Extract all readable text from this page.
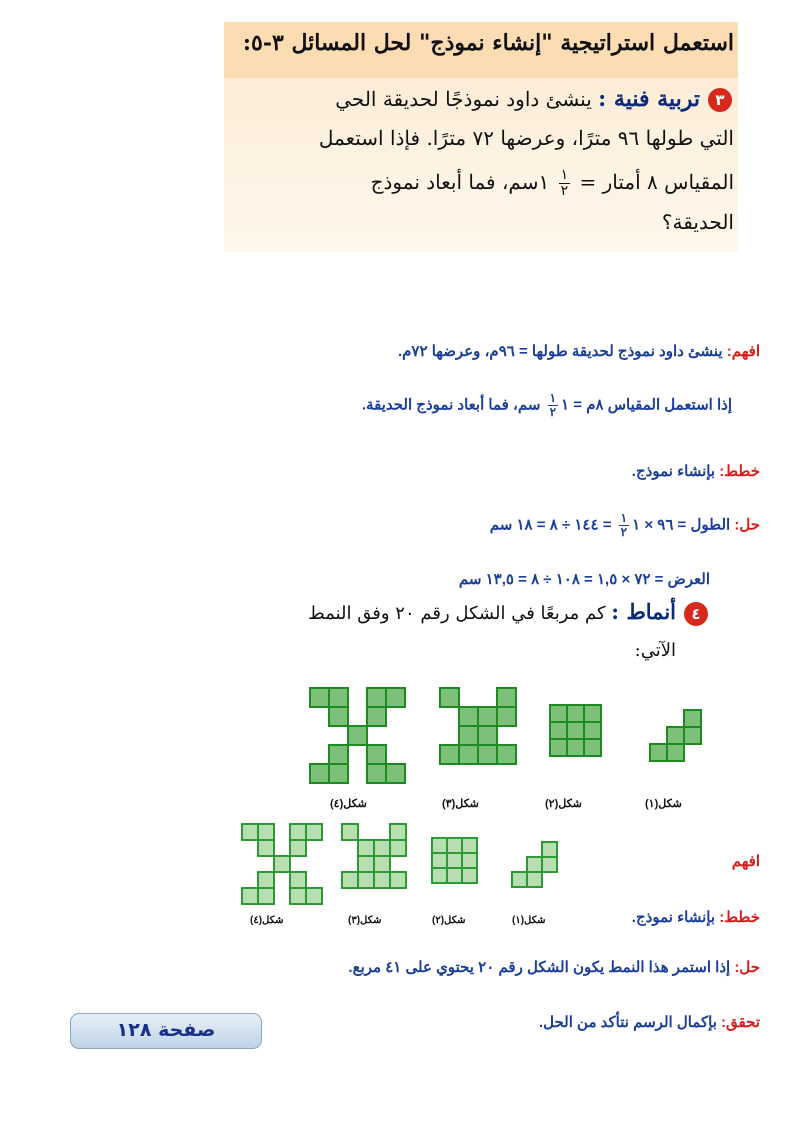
استعمل استراتيجية "إنشاء نموذج" لحل المسائل ٣-٥:
٣
تربية فنية : ينشئ داود نموذجًا لحديقة الحي
التي طولها ٩٦ مترًا، وعرضها ٧٢ مترًا. فإذا استعمل
المقياس ٨ أمتار =
$\frac{١}{٢}$
١سم، فما أبعاد نموذج
الحديقة؟
افهم: ينشئ داود نموذج لحديقة طولها = ٩٦م، وعرضها ٧٢م.
إذا استعمل المقياس ٨م = ١
$\frac{١}{٢}$
سم، فما أبعاد نموذج الحديقة.
خطط: بإنشاء نموذج.
حل: الطول = ٩٦ × ١
$\frac{١}{٢}$
= ١٤٤ ÷ ٨ = ١٨ سم
العرض = ٧٢ × ١,٥ = ١٠٨ ÷ ٨ = ١٣,٥ سم
٤
أنماط : كم مربعًا في الشكل رقم ٢٠ وفق النمط
الآتي:
شكل(١)
شكل(٢)
شكل(٣)
شكل(٤)
افهم
شكل(١)
شكل(٢)
شكل(٣)
شكل(٤)	خطط: بإنشاء نموذج.
حل: إذا استمر هذا النمط يكون الشكل رقم ٢٠ يحتوي على ٤١ مربع.
تحقق: بإكمال الرسم نتأكد من الحل.
صفحة ١٢٨
